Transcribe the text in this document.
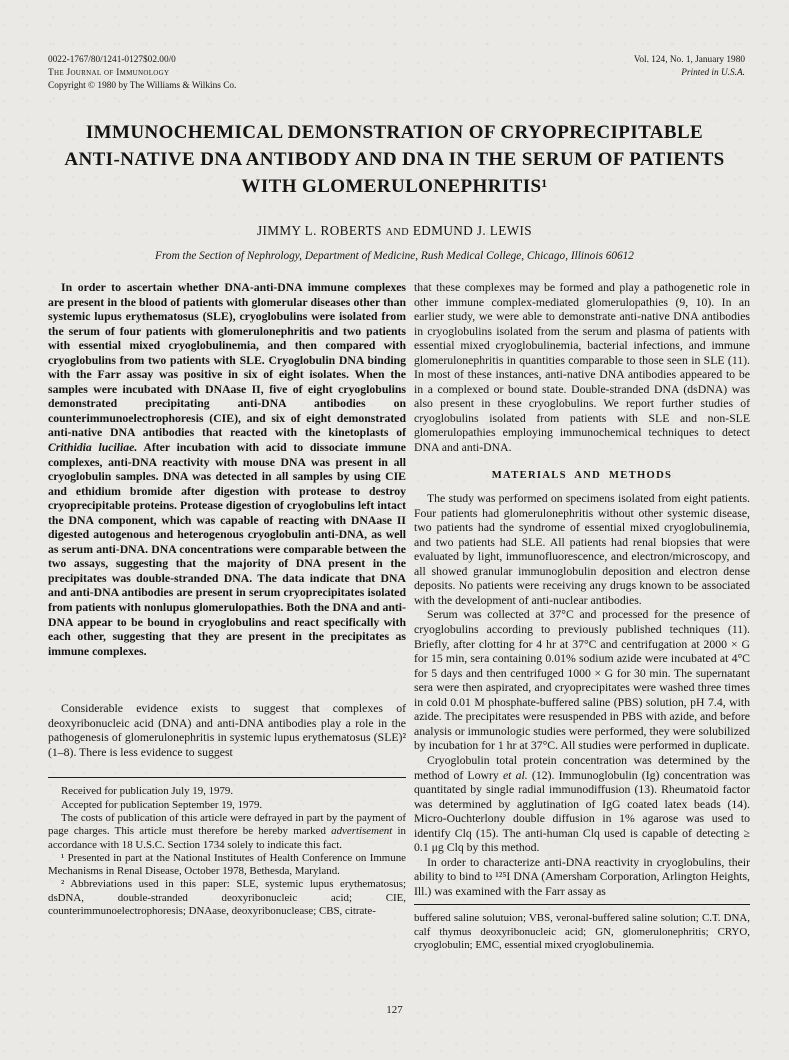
0022-1767/80/1241-0127$02.00/0
The Journal of Immunology
Copyright © 1980 by The Williams & Wilkins Co.
Vol. 124, No. 1, January 1980
Printed in U.S.A.
IMMUNOCHEMICAL DEMONSTRATION OF CRYOPRECIPITABLE ANTI-NATIVE DNA ANTIBODY AND DNA IN THE SERUM OF PATIENTS WITH GLOMERULONEPHRITIS¹
JIMMY L. ROBERTS AND EDMUND J. LEWIS
From the Section of Nephrology, Department of Medicine, Rush Medical College, Chicago, Illinois 60612

In order to ascertain whether DNA-anti-DNA immune complexes are present in the blood of patients with glomerular diseases other than systemic lupus erythematosus (SLE), cryoglobulins were isolated from the serum of four patients with glomerulonephritis and two patients with essential mixed cryoglobulinemia, and then compared with cryoglobulins from two patients with SLE. Cryoglobulin DNA binding with the Farr assay was positive in six of eight isolates. When the samples were incubated with DNAase II, five of eight cryoglobulins demonstrated precipitating anti-DNA antibodies on counterimmunoelectrophoresis (CIE), and six of eight demonstrated anti-native DNA antibodies that reacted with the kinetoplasts of Crithidia luciliae. After incubation with acid to dissociate immune complexes, anti-DNA reactivity with mouse DNA was present in all cryoglobulin samples. DNA was detected in all samples by using CIE and ethidium bromide after digestion with protease to destroy cryoprecipitable proteins. Protease digestion of cryoglobulins left intact the DNA component, which was capable of reacting with DNAase II digested autogenous and heterogenous cryoglobulin anti-DNA, as well as serum anti-DNA. DNA concentrations were comparable between the two assays, suggesting that the majority of DNA present in the precipitates was double-stranded DNA. The data indicate that DNA and anti-DNA antibodies are present in serum cryoprecipitates isolated from patients with nonlupus glomerulopathies. Both the DNA and anti-DNA appear to be bound in cryoglobulins and react specifically with each other, suggesting that they are present in the precipitates as immune complexes.

Considerable evidence exists to suggest that complexes of deoxyribonucleic acid (DNA) and anti-DNA antibodies play a role in the pathogenesis of glomerulonephritis in systemic lupus erythematosus (SLE)² (1–8). There is less evidence to suggest

Received for publication July 19, 1979.

Accepted for publication September 19, 1979.

The costs of publication of this article were defrayed in part by the payment of page charges. This article must therefore be hereby marked advertisement in accordance with 18 U.S.C. Section 1734 solely to indicate this fact.

¹ Presented in part at the National Institutes of Health Conference on Immune Mechanisms in Renal Disease, October 1978, Bethesda, Maryland.

² Abbreviations used in this paper: SLE, systemic lupus erythematosus; dsDNA, double-stranded deoxyribonucleic acid; CIE, counterimmunoelectrophoresis; DNAase, deoxyribonuclease; CBS, citrate-

that these complexes may be formed and play a pathogenetic role in other immune complex-mediated glomerulopathies (9, 10). In an earlier study, we were able to demonstrate anti-native DNA antibodies in cryoglobulins isolated from the serum and plasma of patients with essential mixed cryoglobulinemia, bacterial infections, and immune glomerulonephritis in quantities comparable to those seen in SLE (11). In most of these instances, anti-native DNA antibodies appeared to be in a complexed or bound state. Double-stranded DNA (dsDNA) was also present in these cryoglobulins. We report further studies of cryoglobulins isolated from patients with SLE and non-SLE glomerulopathies employing immunochemical techniques to detect DNA and anti-DNA.

MATERIALS AND METHODS

The study was performed on specimens isolated from eight patients. Four patients had glomerulonephritis without other systemic disease, two patients had the syndrome of essential mixed cryoglobulinemia, and two patients had SLE. All patients had renal biopsies that were evaluated by light, immunofluorescence, and electron/microscopy, and all showed granular immunoglobulin deposition and electron dense deposits. No patients were receiving any drugs known to be associated with the development of anti-nuclear antibodies.

Serum was collected at 37°C and processed for the presence of cryoglobulins according to previously published techniques (11). Briefly, after clotting for 4 hr at 37°C and centrifugation at 2000 × G for 15 min, sera containing 0.01% sodium azide were incubated at 4°C for 5 days and then centrifuged 1000 × G for 30 min. The supernatant sera were then aspirated, and cryoprecipitates were washed three times in cold 0.01 M phosphate-buffered saline (PBS) solution, pH 7.4, with azide. The precipitates were resuspended in PBS with azide, and before analysis or immunologic studies were performed, they were solubilized by incubation for 1 hr at 37°C. All studies were performed in duplicate.

Cryoglobulin total protein concentration was determined by the method of Lowry et al. (12). Immunoglobulin (Ig) concentration was quantitated by single radial immunodiffusion (13). Rheumatoid factor was determined by agglutination of IgG coated latex beads (14). Micro-Ouchterlony double diffusion in 1% agarose was used to identify Clq (15). The anti-human Clq used is capable of detecting ≥ 0.1 μg Clq by this method.

In order to characterize anti-DNA reactivity in cryoglobulins, their ability to bind to ¹²⁵I DNA (Amersham Corporation, Arlington Heights, Ill.) was examined with the Farr assay as

buffered saline solutuion; VBS, veronal-buffered saline solution; C.T. DNA, calf thymus deoxyribonucleic acid; GN, glomerulonephritis; CRYO, cryoglobulin; EMC, essential mixed cryoglobulinemia.

127
